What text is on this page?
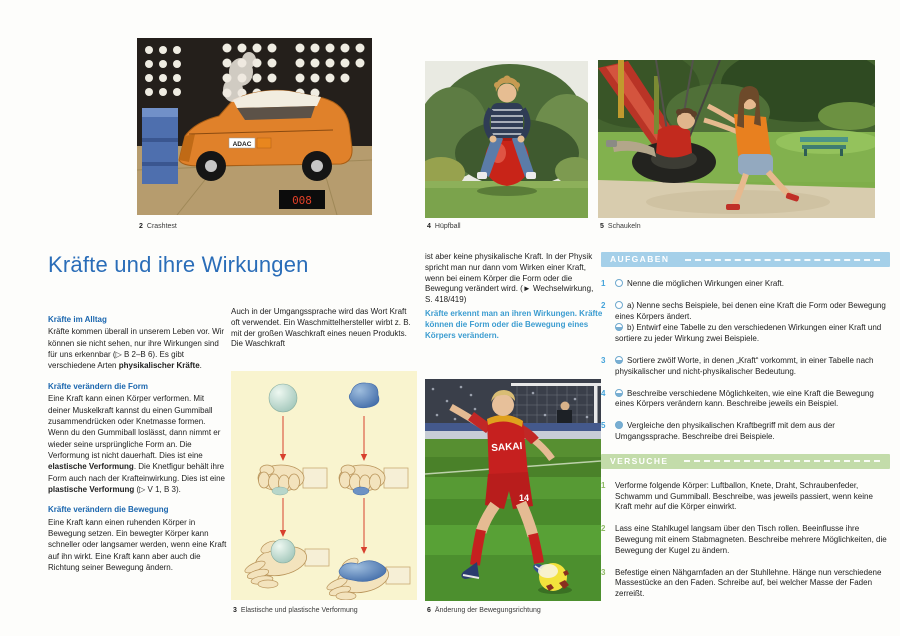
ADAC
008
2 Crashtest	4 Hüpfball	5 Schaukeln
Kräfte und ihre Wirkungen
Kräfte im Alltag

Kräfte kommen überall in unserem Leben vor. Wir können sie nicht sehen, nur ihre Wirkungen sind für uns erkennbar (▷ B 2–B 6). Es gibt verschiedene Arten physikalischer Kräfte.

Kräfte verändern die Form

Eine Kraft kann einen Körper verformen. Mit deiner Muskelkraft kannst du einen Gummiball zusammendrücken oder Knetmasse formen. Wenn du den Gummiball loslässt, dann nimmt er wieder seine ursprüngliche Form an. Die Verformung ist nicht dauerhaft. Dies ist eine elastische Verformung. Die Knetfigur behält ihre Form auch nach der Krafteinwirkung. Dies ist eine plastische Verformung (▷ V 1, B 3).

Kräfte verändern die Bewegung

Eine Kraft kann einen ruhenden Körper in Bewegung setzen. Ein bewegter Körper kann schneller oder langsamer werden, wenn eine Kraft auf ihn wirkt. Eine Kraft kann aber auch die Richtung seiner Bewegung ändern.

Auch in der Umgangssprache wird das Wort Kraft oft verwendet. Ein Waschmittelhersteller wirbt z. B. mit der großen Waschkraft eines neuen Produkts. Die Waschkraft

3 Elastische und plastische Verformung

ist aber keine physikalische Kraft. In der Physik spricht man nur dann vom Wirken einer Kraft, wenn bei einem Körper die Form oder die Bewegung verändert wird. (► Wechselwirkung, S. 418/419)

Kräfte erkennt man an ihren Wirkungen. Kräfte können die Form oder die Bewegung eines Körpers verändern.

SAKAI
14
6 Änderung der Bewegungsrichtung
AUFGABEN
1	Nenne die möglichen Wirkungen einer Kraft.

2	a) Nenne sechs Beispiele, bei denen eine Kraft die Form oder Bewegung eines Körpers ändert.

b) Entwirf eine Tabelle zu den verschiedenen Wirkungen einer Kraft und sortiere zu jeder Wirkung zwei Beispiele.

3	Sortiere zwölf Worte, in denen „Kraft“ vorkommt, in einer Tabelle nach physikalischer und nicht-physikalischer Bedeutung.

4	Beschreibe verschiedene Möglichkeiten, wie eine Kraft die Bewegung eines Körpers verändern kann. Beschreibe jeweils ein Beispiel.

5	Vergleiche den physikalischen Kraftbegriff mit dem aus der Umgangssprache. Beschreibe drei Beispiele.

VERSUCHE
1	Verforme folgende Körper: Luftballon, Knete, Draht, Schraubenfeder, Schwamm und Gummiball. Beschreibe, was jeweils passiert, wenn keine Kraft mehr auf die Körper einwirkt.

2	Lass eine Stahlkugel langsam über den Tisch rollen. Beeinflusse ihre Bewegung mit einem Stabmagneten. Beschreibe mehrere Möglichkeiten, die Bewegung der Kugel zu ändern.

3	Befestige einen Nähgarnfaden an der Stuhllehne. Hänge nun verschiedene Massestücke an den Faden. Schreibe auf, bei welcher Masse der Faden zerreißt.
